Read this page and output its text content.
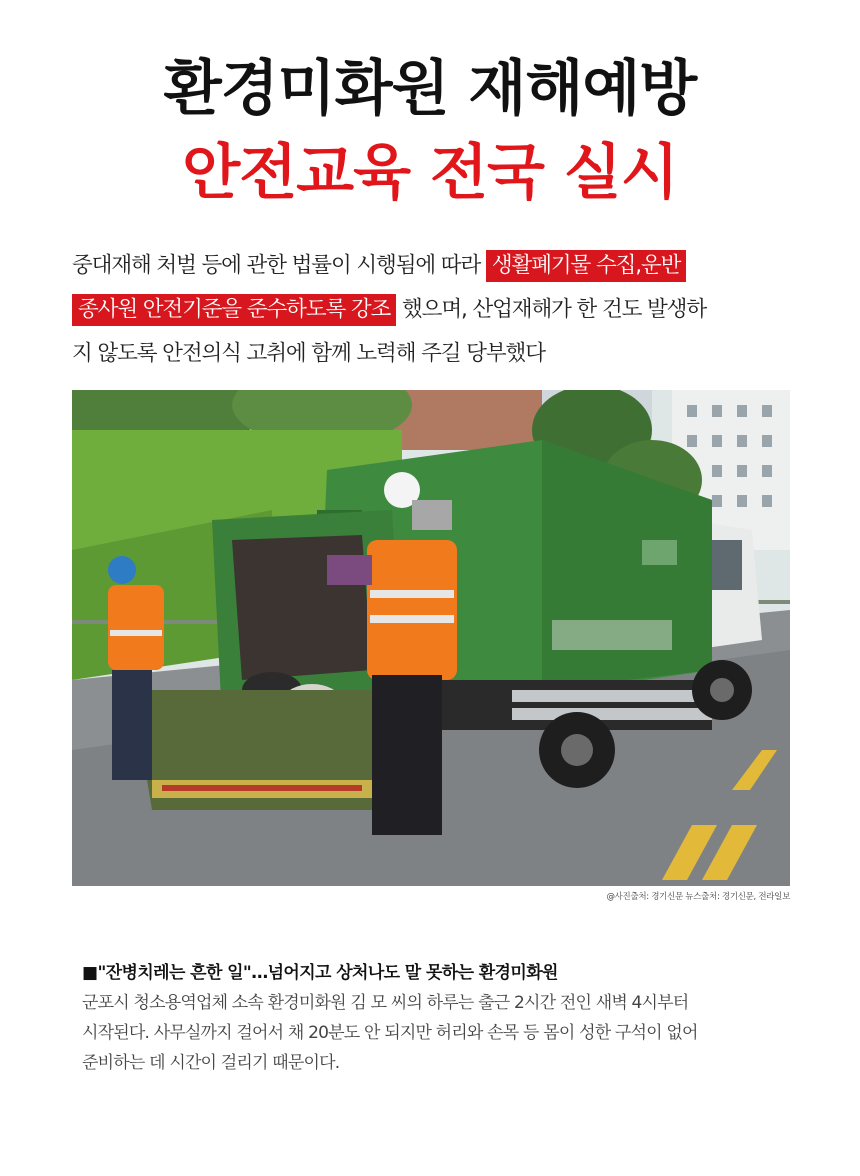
환경미화원 재해예방
안전교육 전국 실시
중대재해 처벌 등에 관한 법률이 시행됨에 따라 생활폐기물 수집,운반
종사원 안전기준을 준수하도록 강조 했으며, 산업재해가 한 건도 발생하
지 않도록 안전의식 고취에 함께 노력해 주길 당부했다
@사진출처: 경기신문 뉴스출처: 경기신문, 전라일보
■"잔병치레는 흔한 일"…넘어지고 상처나도 말 못하는 환경미화원
군포시 청소용역업체 소속 환경미화원 김 모 씨의 하루는 출근 2시간 전인 새벽 4시부터
시작된다. 사무실까지 걸어서 채 20분도 안 되지만 허리와 손목 등 몸이 성한 구석이 없어
준비하는 데 시간이 걸리기 때문이다.
